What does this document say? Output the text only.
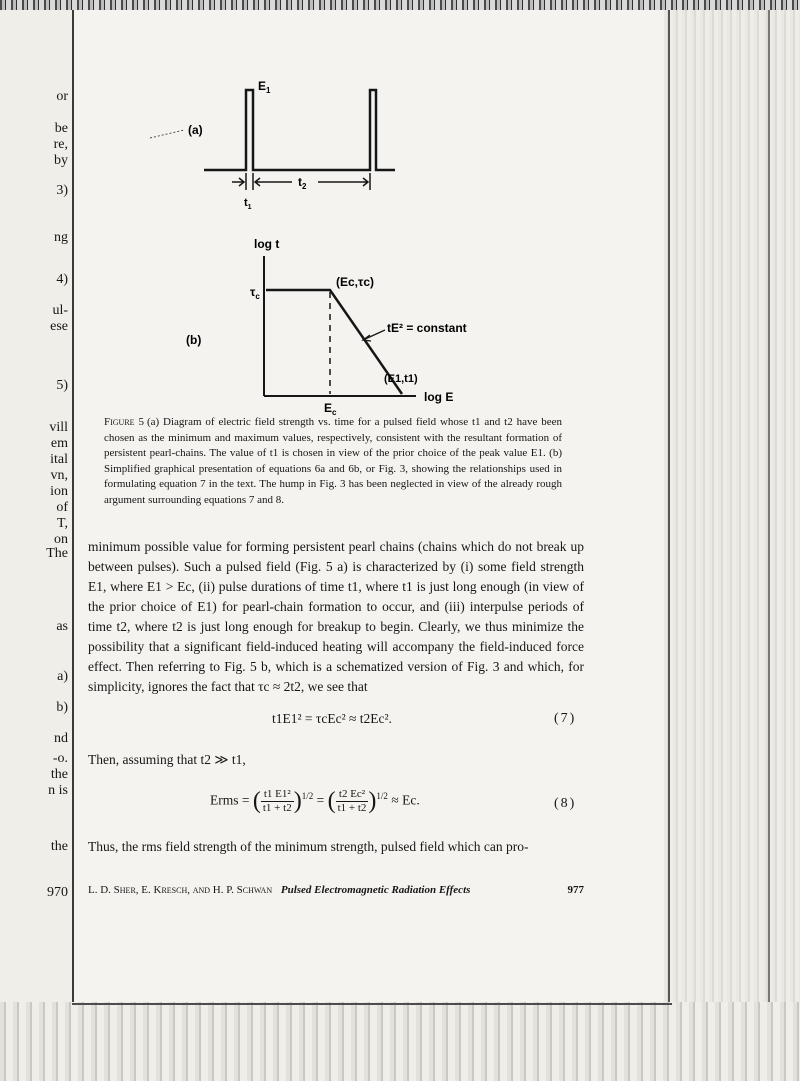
or
be
re,
by
3)
ng
4)
ul-
ese
5)
vill
em
ital
vn,
ion
of
T,
on
The
as
a)
b)
nd
-o.
the
n is
the
970
$E_1$
(a)
$t_2$
$t_1$
log t
log E
$\tau_c$
$E_c$
(Ec,τc)
(E1,t1)
tE² = constant
(b)

Figure 5 (a) Diagram of electric field strength vs. time for a pulsed field whose t1 and t2 have been chosen as the minimum and maximum values, respectively, consistent with the resultant formation of persistent pearl-chains. The value of t1 is chosen in view of the prior choice of the peak value E1. (b) Simplified graphical presentation of equations 6a and 6b, or Fig. 3, showing the relationships used in formulating equation 7 in the text. The hump in Fig. 3 has been neglected in view of the already rough argument surrounding equations 7 and 8.

minimum possible value for forming persistent pearl chains (chains which do not break up between pulses). Such a pulsed field (Fig. 5 a) is characterized by (i) some field strength E1, where E1 > Ec, (ii) pulse durations of time t1, where t1 is just long enough (in view of the prior choice of E1) for pearl-chain formation to occur, and (iii) interpulse periods of time t2, where t2 is just long enough for breakup to begin. Clearly, we thus minimize the possibility that a significant field-induced heating will accompany the field-induced force effect. Then referring to Fig. 5 b, which is a schematized version of Fig. 3 and which, for simplicity, ignores the fact that τc ≈ 2t2, we see that

t1E1² = τcEc² ≈ t2Ec².	(7)

Then, assuming that t2 ≫ t1,

Erms = ( $\frac{\text{t1 E1²}}{t1 + t2} )^{1/2}$ = ( $\frac{\text{t2 Ec²}}{t1 + t2} )^{1/2} \approx Ec$.	(8)

Thus, the rms field strength of the minimum strength, pulsed field which can pro-

L. D. Sher, E. Kresch, and H. P. Schwan Pulsed Electromagnetic Radiation Effects	977
